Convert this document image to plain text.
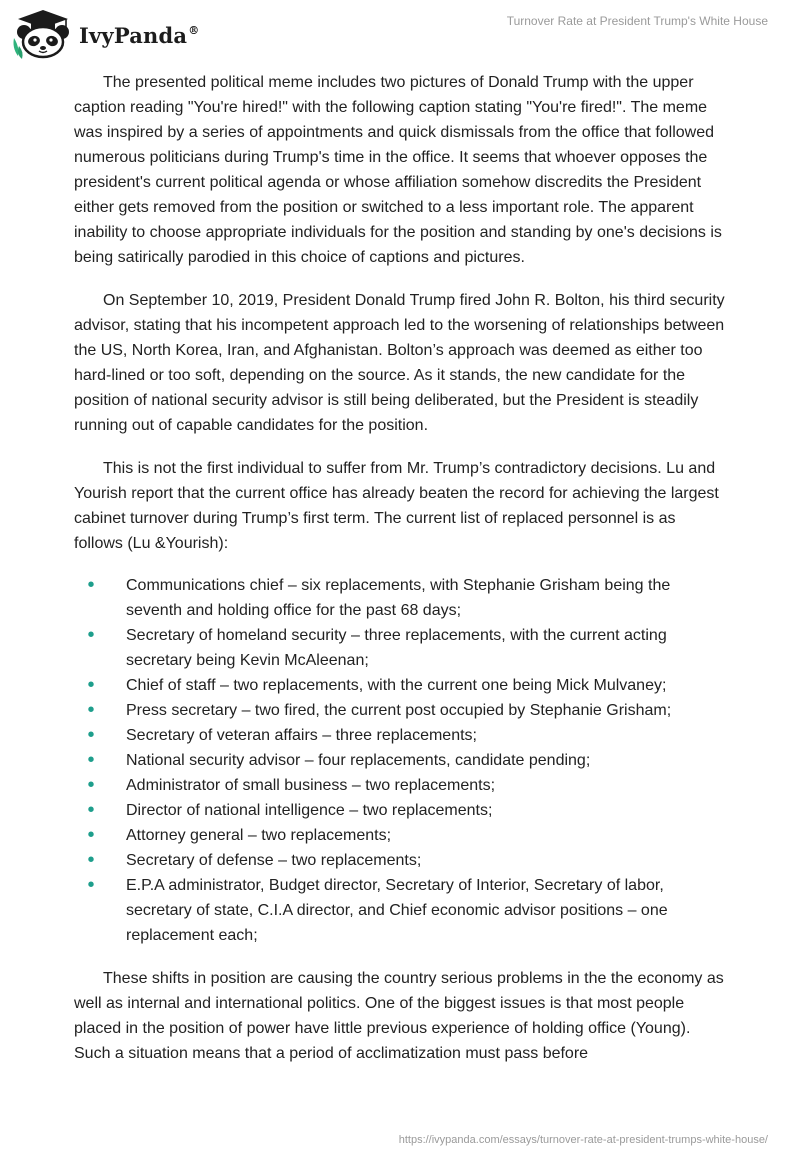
IvyPanda®
Turnover Rate at President Trump's White House

The presented political meme includes two pictures of Donald Trump with the upper caption reading "You're hired!" with the following caption stating "You're fired!". The meme was inspired by a series of appointments and quick dismissals from the office that followed numerous politicians during Trump's time in the office. It seems that whoever opposes the president's current political agenda or whose affiliation somehow discredits the President either gets removed from the position or switched to a less important role. The apparent inability to choose appropriate individuals for the position and standing by one's decisions is being satirically parodied in this choice of captions and pictures.

On September 10, 2019, President Donald Trump fired John R. Bolton, his third security advisor, stating that his incompetent approach led to the worsening of relationships between the US, North Korea, Iran, and Afghanistan. Bolton’s approach was deemed as either too hard-lined or too soft, depending on the source. As it stands, the new candidate for the position of national security advisor is still being deliberated, but the President is steadily running out of capable candidates for the position.

This is not the first individual to suffer from Mr. Trump’s contradictory decisions. Lu and Yourish report that the current office has already beaten the record for achieving the largest cabinet turnover during Trump’s first term. The current list of replaced personnel is as follows (Lu &Yourish):

• Communications chief – six replacements, with Stephanie Grisham being the seventh and holding office for the past 68 days;
• Secretary of homeland security – three replacements, with the current acting secretary being Kevin McAleenan;
• Chief of staff – two replacements, with the current one being Mick Mulvaney;
• Press secretary – two fired, the current post occupied by Stephanie Grisham;
• Secretary of veteran affairs – three replacements;
• National security advisor – four replacements, candidate pending;
• Administrator of small business – two replacements;
• Director of national intelligence – two replacements;
• Attorney general – two replacements;
• Secretary of defense – two replacements;
• E.P.A administrator, Budget director, Secretary of Interior, Secretary of labor, secretary of state, C.I.A director, and Chief economic advisor positions – one replacement each;

These shifts in position are causing the country serious problems in the the economy as well as internal and international politics. One of the biggest issues is that most people placed in the position of power have little previous experience of holding office (Young). Such a situation means that a period of acclimatization must pass before

https://ivypanda.com/essays/turnover-rate-at-president-trumps-white-house/
